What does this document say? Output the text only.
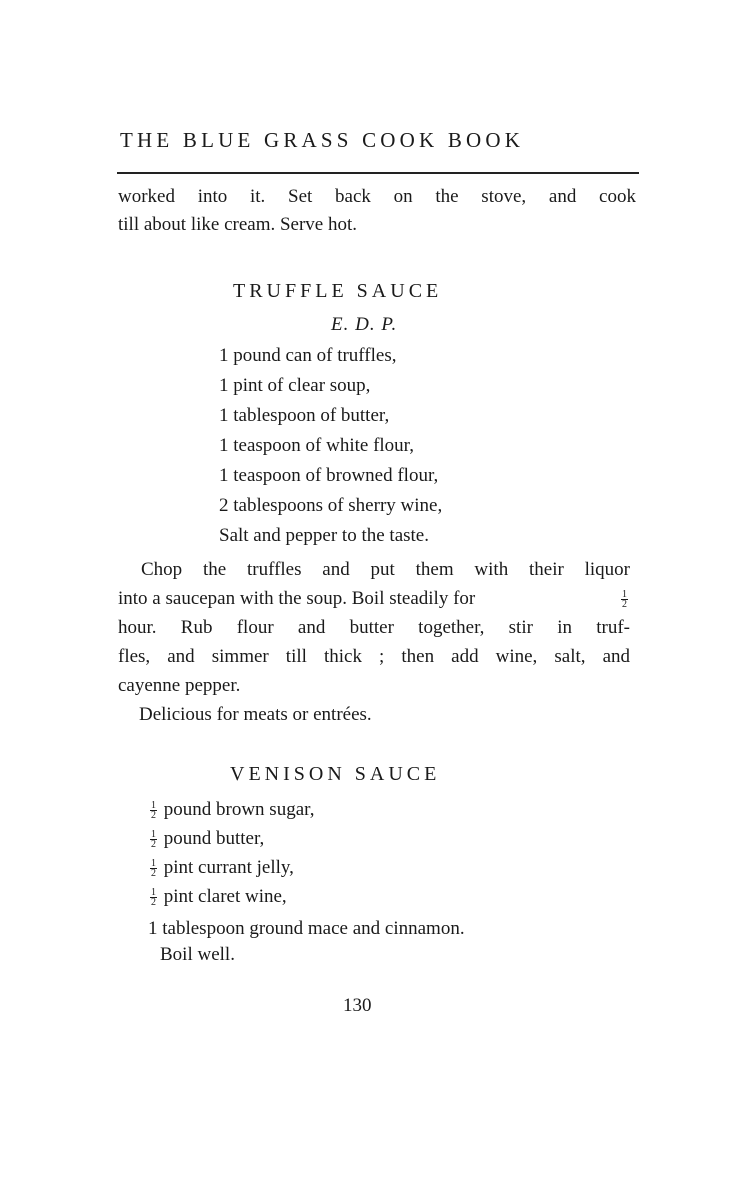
THE BLUE GRASS COOK BOOK
worked into it. Set back on the stove, and cook
till about like cream. Serve hot.
TRUFFLE SAUCE
E. D. P.
1 pound can of truffles,
1 pint of clear soup,
1 tablespoon of butter,
1 teaspoon of white flour,
1 teaspoon of browned flour,
2 tablespoons of sherry wine,
Salt and pepper to the taste.
Chop the truffles and put them with their liquor
into a saucepan with the soup. Boil steadily for	$\frac{1}{2}$
hour. Rub flour and butter together, stir in truf-
fles, and simmer till thick ; then add wine, salt, and
cayenne pepper.
Delicious for meats or entrées.
VENISON SAUCE
$\frac{1}{2}$ pound brown sugar,
$\frac{1}{2}$ pound butter,
$\frac{1}{2}$ pint currant jelly,
$\frac{1}{2}$ pint claret wine,
1 tablespoon ground mace and cinnamon.
Boil well.
130
